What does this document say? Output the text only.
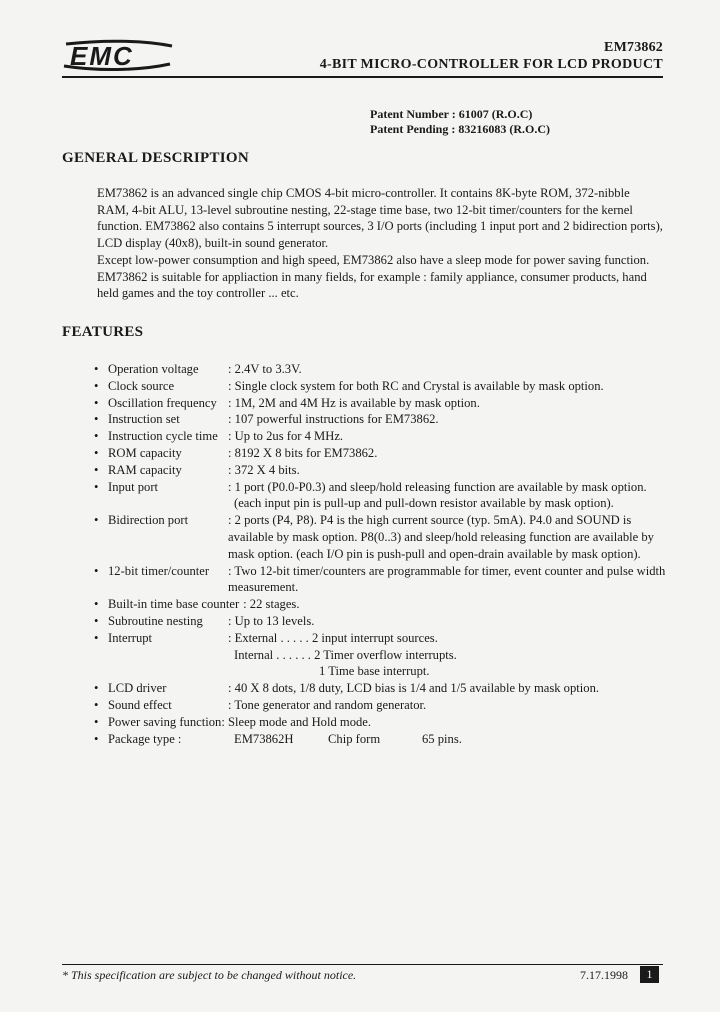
EMC	EM73862
4-BIT MICRO-CONTROLLER FOR LCD PRODUCT
Patent Number : 61007 (R.O.C)
Patent Pending : 83216083 (R.O.C)
GENERAL DESCRIPTION

EM73862 is an advanced single chip CMOS 4-bit micro-controller. It contains 8K-byte ROM, 372-nibble RAM, 4-bit ALU, 13-level subroutine nesting, 22-stage time base, two 12-bit timer/counters for the kernel function. EM73862 also contains 5 interrupt sources, 3 I/O ports (including 1 input port and 2 bidirection ports), LCD display (40x8), built-in sound generator.

Except low-power consumption and high speed, EM73862 also have a sleep mode for power saving function. EM73862 is suitable for appliaction in many fields, for example : family appliance, consumer products, hand held games and the toy controller ... etc.

FEATURES
• Operation voltage	: 2.4V to 3.3V.
• Clock source	: Single clock system for both RC and Crystal is available by mask option.
• Oscillation frequency : 1M, 2M and 4M Hz is available by mask option.
• Instruction set	: 107 powerful instructions for EM73862.
• Instruction cycle time : Up to 2us for 4 MHz.
• ROM capacity	: 8192 X 8 bits for EM73862.
• RAM capacity	: 372 X 4 bits.
• Input port	: 1 port (P0.0-P0.3) and sleep/hold releasing function are available by mask option.
(each input pin is pull-up and pull-down resistor available by mask option).
• Bidirection port	: 2 ports (P4, P8). P4 is the high current source (typ. 5mA). P4.0 and SOUND is
available by mask option. P8(0..3) and sleep/hold releasing function are available by
mask option. (each I/O pin is push-pull and open-drain available by mask option).
• 12-bit timer/counter	: Two 12-bit timer/counters are programmable for timer, event counter and pulse width
measurement.
• Built-in time base counter : 22 stages.
• Subroutine nesting	: Up to 13 levels.
• Interrupt	: External . . . . . 2 input interrupt sources.
Internal . . . . . . 2 Timer overflow interrupts.
1 Time base interrupt.
• LCD driver	: 40 X 8 dots, 1/8 duty, LCD bias is 1/4 and 1/5 available by mask option.
• Sound effect	: Tone generator and random generator.
• Power saving function : Sleep mode and Hold mode.
• Package type :	EM73862H	Chip form	65 pins.
* This specification are subject to be changed without notice.	7.17.1998	1
